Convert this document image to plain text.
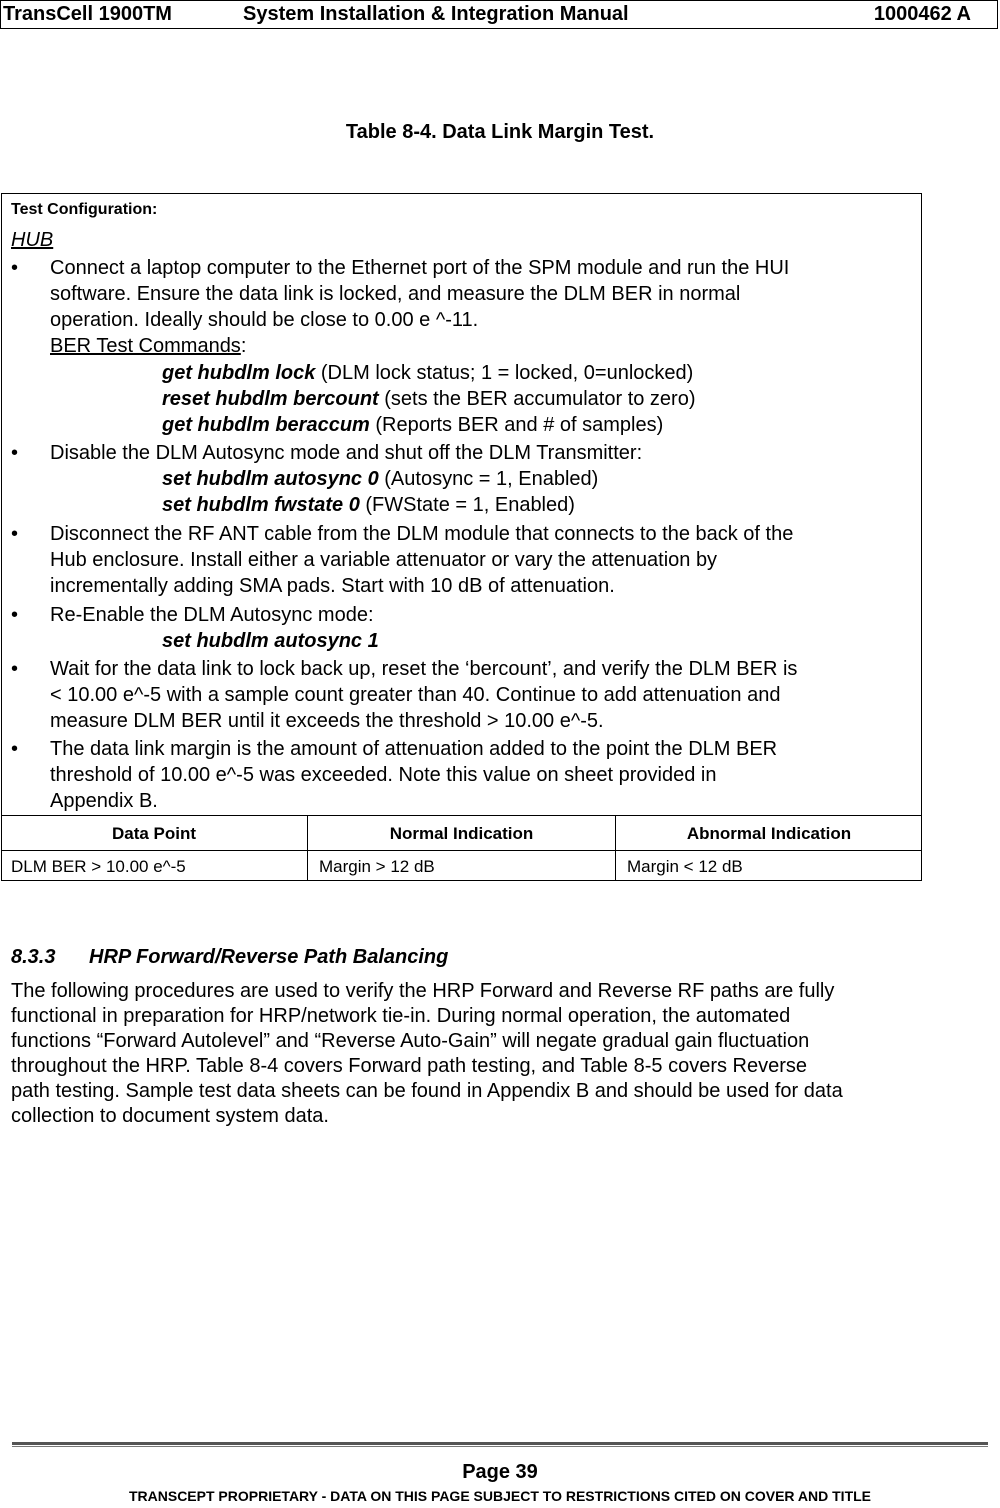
TransCell 1900TM	System Installation & Integration Manual	1000462 A
Table 8-4. Data Link Margin Test.
Test Configuration:
HUB
• Connect a laptop computer to the Ethernet port of the SPM module and run the HUI
software. Ensure the data link is locked, and measure the DLM BER in normal
operation. Ideally should be close to 0.00 e ^-11.
BER Test Commands:
get hubdlm lock (DLM lock status; 1 = locked, 0=unlocked)
reset hubdlm bercount (sets the BER accumulator to zero)
get hubdlm beraccum (Reports BER and # of samples)
• Disable the DLM Autosync mode and shut off the DLM Transmitter:
set hubdlm autosync 0 (Autosync = 1, Enabled)
set hubdlm fwstate 0 (FWState = 1, Enabled)
• Disconnect the RF ANT cable from the DLM module that connects to the back of the
Hub enclosure. Install either a variable attenuator or vary the attenuation by
incrementally adding SMA pads. Start with 10 dB of attenuation.
• Re-Enable the DLM Autosync mode:
set hubdlm autosync 1
• Wait for the data link to lock back up, reset the ‘bercount’, and verify the DLM BER is
< 10.00 e^-5 with a sample count greater than 40. Continue to add attenuation and
measure DLM BER until it exceeds the threshold > 10.00 e^-5.
• The data link margin is the amount of attenuation added to the point the DLM BER
threshold of 10.00 e^-5 was exceeded. Note this value on sheet provided in
Appendix B.
Data Point	Normal Indication	Abnormal Indication
DLM BER > 10.00 e^-5	Margin > 12 dB	Margin < 12 dB
8.3.3 HRP Forward/Reverse Path Balancing
The following procedures are used to verify the HRP Forward and Reverse RF paths are fully
functional in preparation for HRP/network tie-in. During normal operation, the automated
functions “Forward Autolevel” and “Reverse Auto-Gain” will negate gradual gain fluctuation
throughout the HRP. Table 8-4 covers Forward path testing, and Table 8-5 covers Reverse
path testing. Sample test data sheets can be found in Appendix B and should be used for data
collection to document system data.
Page 39
TRANSCEPT PROPRIETARY - DATA ON THIS PAGE SUBJECT TO RESTRICTIONS CITED ON COVER AND TITLE
